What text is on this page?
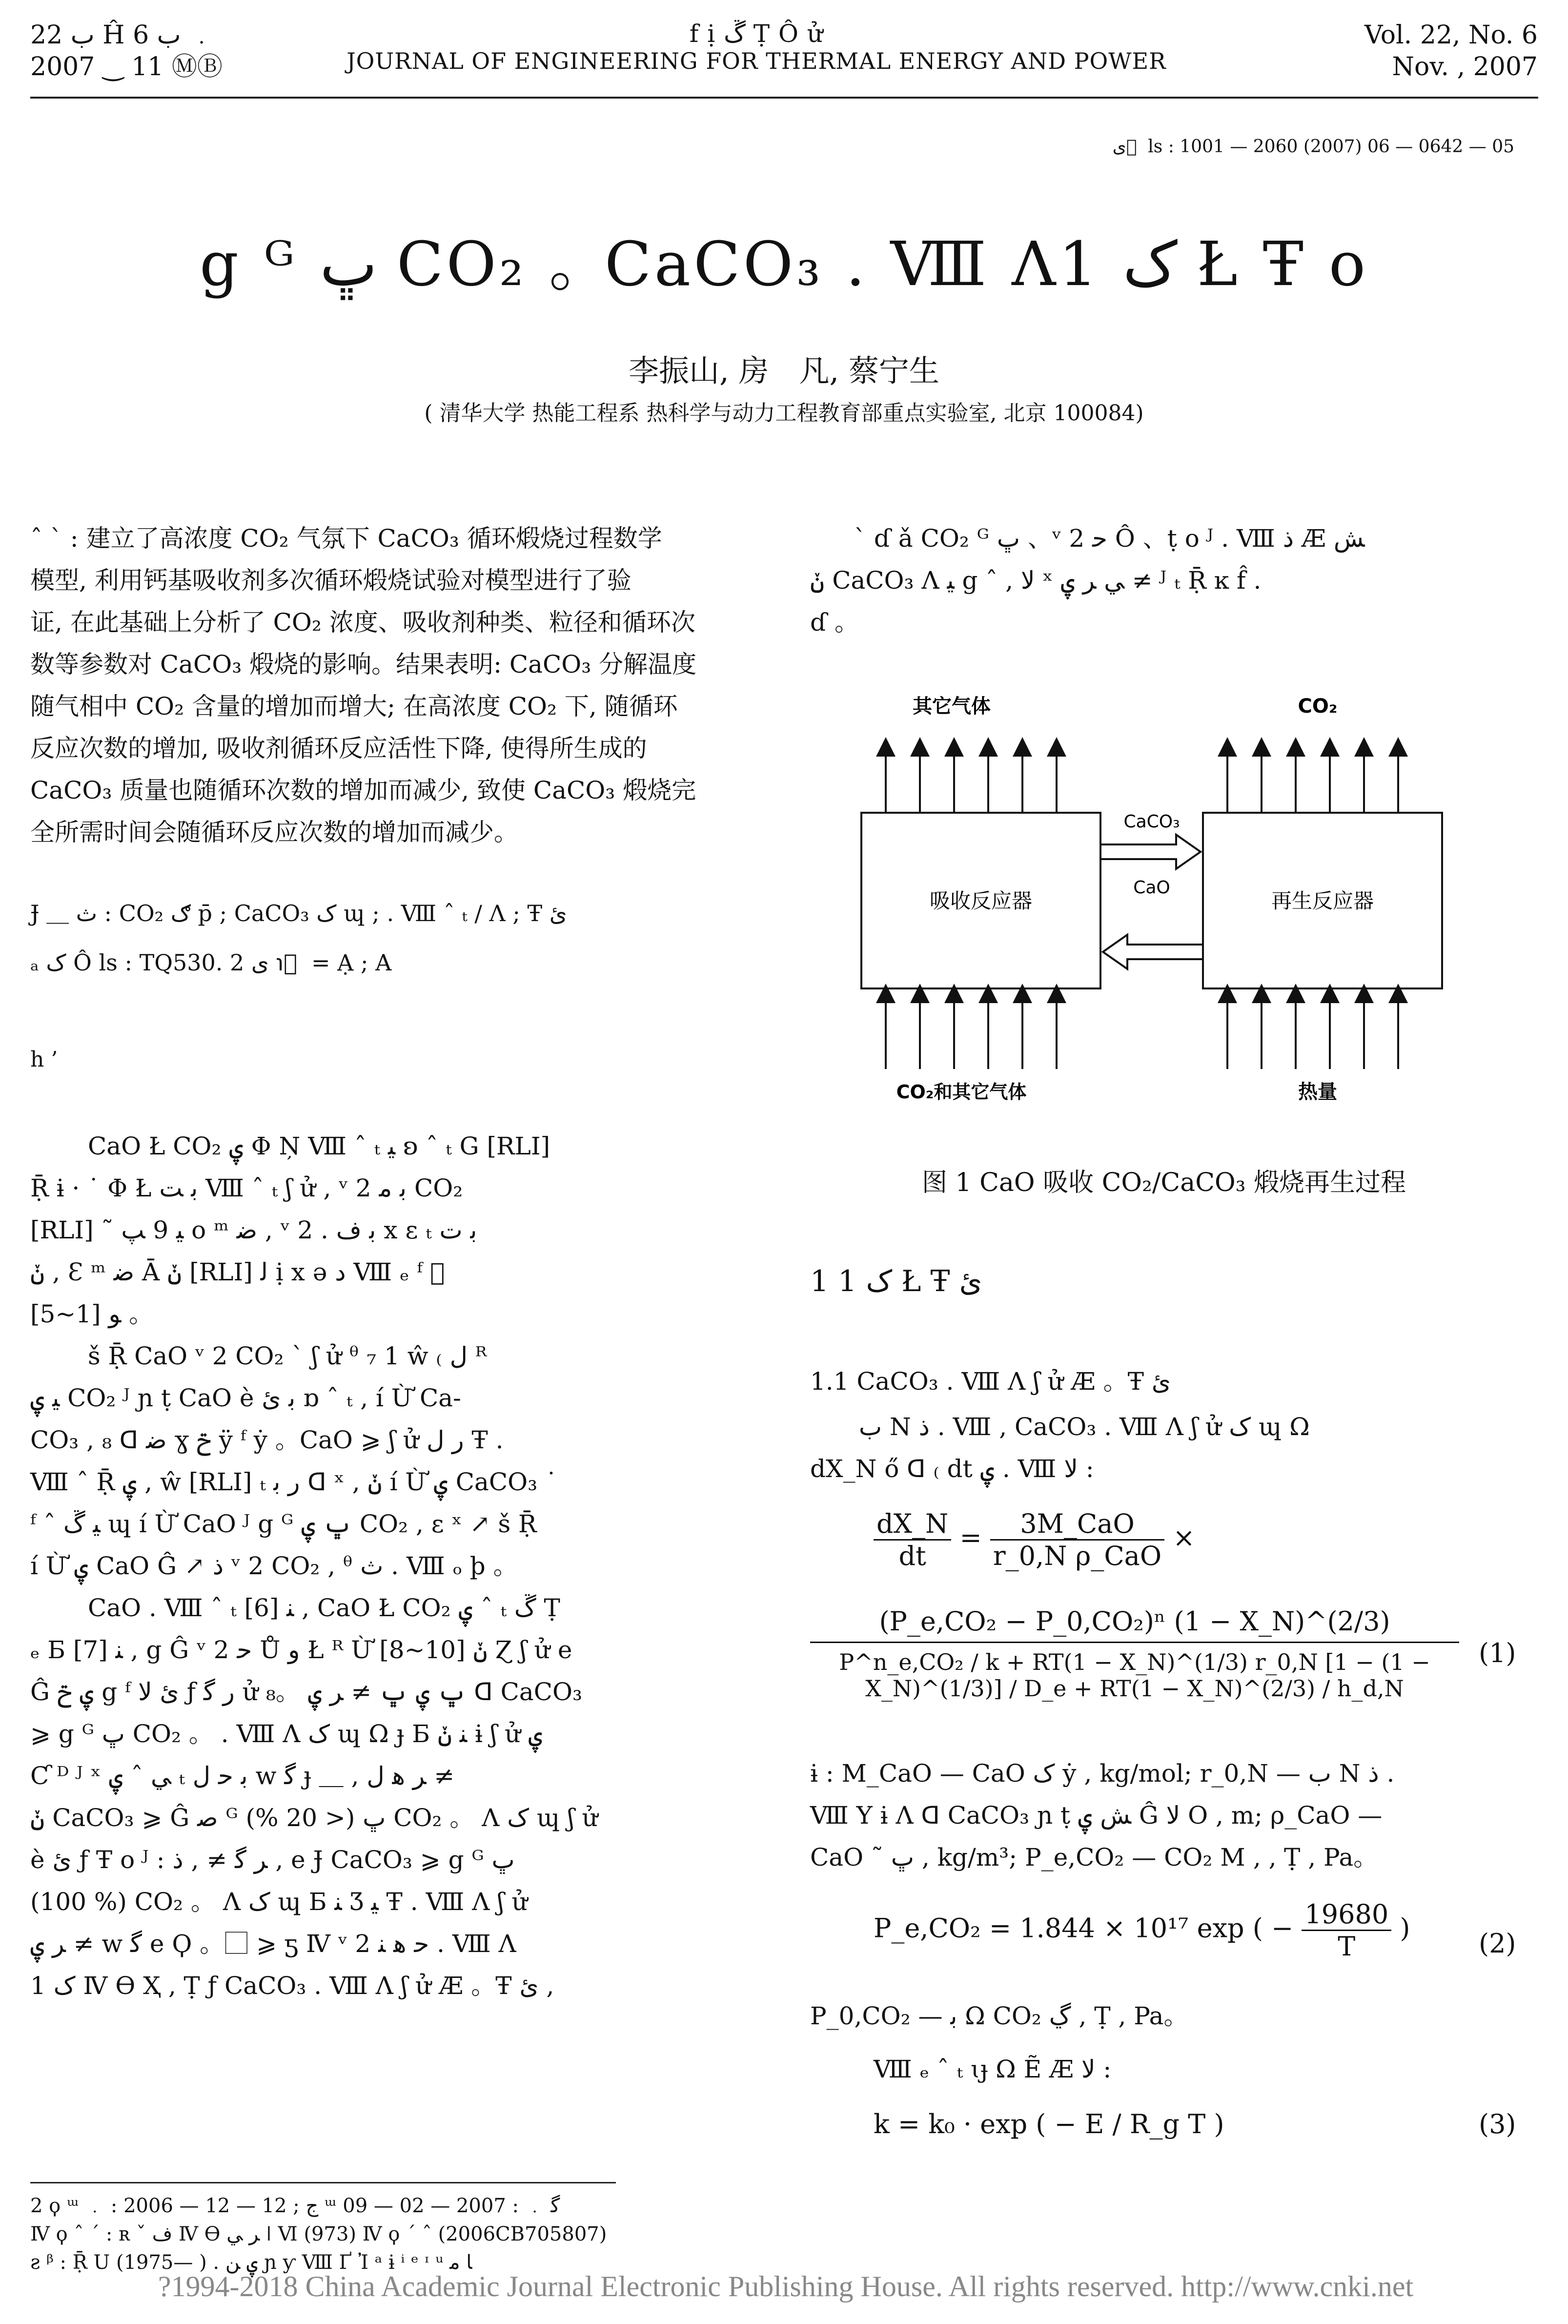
ب 22 Ĥ ب 6 ﹒
2007 ‿ 11 ⓂⒷ
f ị ڱ Ṭ Ô ử
JOURNAL OF ENGINEERING FOR THERMAL ENERGY AND POWER
Vol. 22, No. 6
Nov. , 2007
ى ⃞ ls : 1001 — 2060 (2007) 06 — 0642 — 05
g ᴳ ڀ CO₂ ｡ CaCO₃ . Ⅷ Ʌ1 ک Ł Ŧ o
李振山, 房　凡, 蔡宁生
( 清华大学 热能工程系 热科学与动力工程教育部重点实验室, 北京 100084)

ˆ ˋ : 建立了高浓度 CO₂ 气氛下 CaCO₃ 循环煅烧过程数学

模型, 利用钙基吸收剂多次循环煅烧试验对模型进行了验

证, 在此基础上分析了 CO₂ 浓度、吸收剂种类、粒径和循环次

数等参数对 CaCO₃ 煅烧的影响。结果表明: CaCO₃ 分解温度

随气相中 CO₂ 含量的增加而增大; 在高浓度 CO₂ 下, 随循环

反应次数的增加, 吸收剂循环反应活性下降, 使得所生成的

CaCO₃ 质量也随循环次数的增加而减少, 致使 CaCO₃ 煅烧完

全所需时间会随循环反应次数的增加而减少。

Ɉ ＿ ث : CO₂ ګ p̄ ; CaCO₃ ک ɰ ; . Ⅷ ˆ ₜ / Ʌ ; Ŧ ئ
ₐ ک Ô ls : TQ530. 2 ى ℩ ⃞ = Ạ ; A
h ’

CaO Ł CO₂ ۑ Φ Ņ Ⅷ ˆ ₜ ﻴ ʚ ˆ ₜ G [RLI]

Ṝ ɨ · ˙ Φ Ł ﺑ ﺖ Ⅷ ˆ ₜ ʃ ử , ᵛ 2 ﺑ ﻣ CO₂

[RLI] ˜ ﻴ 9 ﭗ o ᵐ ﺿ , ᵛ 2 . ﺑ ﻑ x ɛ ₜ ﺑ ﺕ

ݩ , Ɛ ᵐ ﺿ Ā ݩ [RLI] ﻟ ị x ə ﺩ Ⅷ ₑ ᶠ ⃞

ﻮ [1~5] 。

š Ṝ CaO ᵛ 2 CO₂ ˋ ʃ ử ᶿ ₇ 1 ŵ ₍ ﻝ ᴿ

ﻴ ۑ CO₂ ᴶ ɲ ṭ CaO è ﺑ ئ ɒ ˆ ₜ , í Ừ Ca-

CO₃ , ₈ ᗡ ﺿ ɣ ݗ ÿ ᶠ ẏ 。CaO ⩾ ʃ ử ﺭ ﻝ Ŧ .

Ⅷ ˆ Ṝ ۑ , ŵ [RLI] ₜ ﺭ ﺑ ᗡ ˣ , ݩ í Ừ ۑ CaCO₃ ˙

ᶠ ˆ ﻴ ڱ ɰ í Ừ CaO ᴶ g ᴳ ڀ ۑ CO₂ , ɛ ˣ ↗ š Ṝ

í Ừ ۑ CaO Ĝ ↗ ذ ᵛ 2 CO₂ , ᶿ ﺙ . Ⅷ ₒ þ 。

CaO . Ⅷ ˆ ₜ ﻨ [6] , CaO Ł CO₂ ۑ ˆ ₜ ڱ Ṭ

ₑ Ƃ ﻨ [7] , g Ĝ ᵛ 2 ﺣ Ů ﻭ Ł ᴿ Ừ [8~10] ݩ Ɀ ʃ ử e

Ĝ ۑ ݗ g ᶠ ئ ﻻ ƒ ﺭ ﮔ ử ڀ ۑ ڀ ≠ ﺮ ۑ 。₈ ᗡ CaCO₃

⩾ g ᴳ ڀ CO₂ 。 . Ⅷ Ʌ ک ɰ Ω ɟ Ƃ ﻨ ݩ ɨ ʃ ử ۑ

Ƈ ᴰ ᴶ ˣ ﻲ ˆ ۑ ₜ ﺑ ﺣ ﻝ w ﮔ ɟ ＿ , ﺮ ﻫ ﻝ ≠

ݩ CaCO₃ ⩾ Ĝ ﺻ ᴳ ڀ (< 20 %) CO₂ 。 Ʌ ک ɰ ʃ ử

è ئ ƒ Ŧ o ᴶ : ﺮ ﮔ ≠ , ذ , e Ɉ CaCO₃ ⩾ g ᴳ ڀ

(100 %) CO₂ 。 Ʌ ک ɰ Ƃ ﻨ Ʒ ﻴ Ŧ . Ⅷ Ʌ ʃ ử

ﺮ ۑ ≠ w ﮔ e Ϙ 。⃞ ⩾ ƽ Ⅳ ᵛ 2 ﺣ ﻫ ﻨ . Ⅷ Ʌ

1 ک Ⅳ ϴ Ҳ ‚ Ṭ ƒ CaCO₃ . Ⅷ Ʌ ʃ ử Æ 。Ŧ ئ ,

ˋ ɗ ǎ CO₂ ᴳ ڀ 、ᵛ 2 ﺣ Ô 、ṭ ᴏ ᴶ . Ⅷ ذ Æ ﺶ

ݩ CaCO₃ Ʌ ﻴ g ˆ , ﻻ ˣ ﻲ ﺮ ۑ ≠ ᴶ ₜ Ṝ ĸ f̂ .

ɗ 。

吸收反应器	再生反应器
其它气体	CO₂
CaCO₃
CaO
CO₂和其它气体	热量
图 1 CaO 吸收 CO₂/CaCO₃ 煅烧再生过程
1 1 ک Ł Ŧ ئ
1.1 CaCO₃ . Ⅷ Ʌ ʃ ử Æ 。Ŧ ئ

ب N ذ . Ⅷ , CaCO₃ . Ⅷ Ʌ ʃ ử ک ɰ Ω

dX_N ő ᗡ ₍ dt ۑ . Ⅷ ﻻ :

$\frac{dX\_N}{dt} = \frac{\text{3M\_CaO}}{\text{r\_0,N ρ\_CaO}}$ ×
(P_e,CO₂ − P_0,CO₂)ⁿ (1 − X_N)^(2/3)
P^n_e,CO₂ / k + RT(1 − X_N)^(1/3) r_0,N [1 − (1 − X_N)^(1/3)] / D_e + RT(1 − X_N)^(2/3) / h_d,N
(1)

ɨ : M_CaO — CaO ک ẏ , kg/mol; r_0,N — ب N ذ .

Ⅷ Y ɨ Ʌ ᗡ CaCO₃ ɲ ṭ ﺶ ۑ Ĝ ﻻ O , m; ρ_CaO —

CaO ˜ ڀ , kg/m³; P_e,CO₂ — CO₂ M ‚ ‚ Ṭ , Pa。

P_e,CO₂ = 1.844 × 10¹⁷ exp ( − $\frac{19680}{T}$ )	(2)
P_0,CO₂ — ﺑ Ω CO₂ ڲ , Ṭ , Pa。
Ⅷ ₑ ˆ ₜ ɩɟ Ω Ẽ Æ ﻻ :
k = k₀ · exp ( − E / R_g T )	(3)
2 ϙ ᵚ ﹒ : 2006 — 12 — 12 ; ج ᵚ ﮔ ﹒ : 2007 — 02 — 09
Ⅳ ϙ ˆ ˊ : ʀ ˇ ﻑ Ⅳ ϴ ﺮ ﻲ ǀ Ⅵ (973) Ⅳ ϙ ˊ ˆ (2006CB705807)
ƨ ᵝ : Ṝ U (1975— ) . ۑ ﻦ ɲ ƴ Ⅷ Ґ Ἰ ᵃ ɨ ⁱ ᵉ ᶦ ᵘ ﺎ ﻣ
?1994-2018 China Academic Journal Electronic Publishing House. All rights reserved. http://www.cnki.net
